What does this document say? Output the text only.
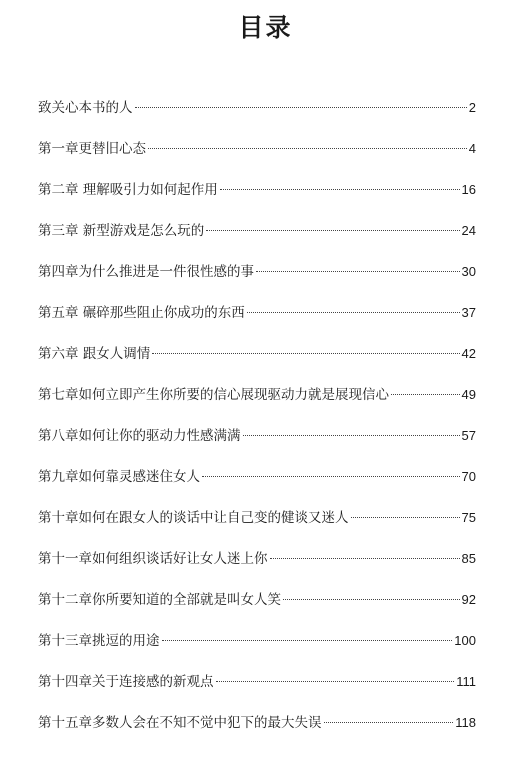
目录
致关心本书的人	2
第一章更替旧心态	4
第二章 理解吸引力如何起作用	16
第三章 新型游戏是怎么玩的	24
第四章为什么推进是一件很性感的事	30
第五章 碾碎那些阻止你成功的东西	37
第六章 跟女人调情	42
第七章如何立即产生你所要的信心展现驱动力就是展现信心	49
第八章如何让你的驱动力性感满满	57
第九章如何靠灵感迷住女人	70
第十章如何在跟女人的谈话中让自己变的健谈又迷人	75
第十一章如何组织谈话好让女人迷上你	85
第十二章你所要知道的全部就是叫女人笑	92
第十三章挑逗的用途	100
第十四章关于连接感的新观点	111
第十五章多数人会在不知不觉中犯下的最大失误	118
